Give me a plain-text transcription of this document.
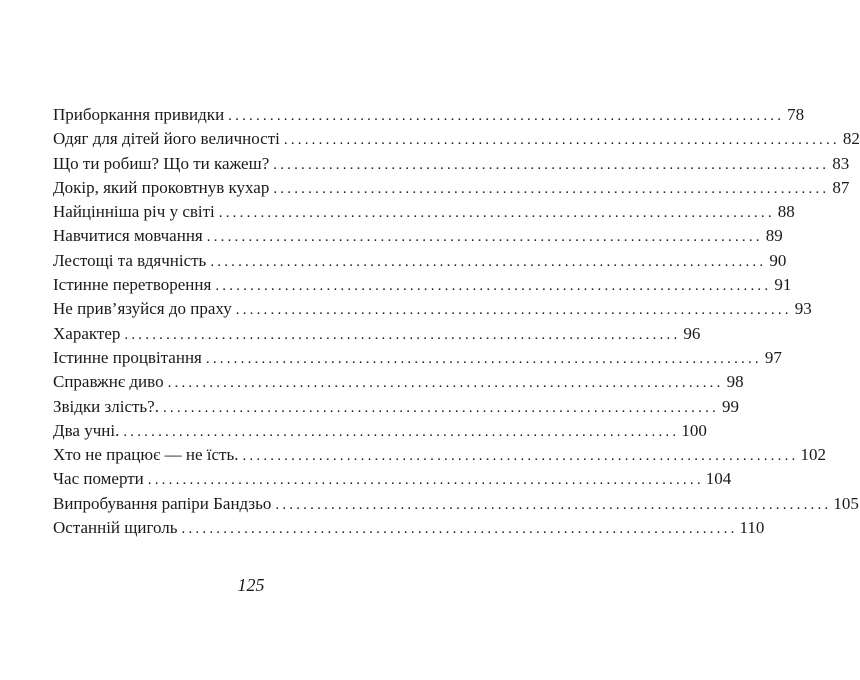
Приборкання привидки ................................................................................ 78
Одяг для дітей його величності ................................................................................ 82
Що ти робиш? Що ти кажеш? ................................................................................ 83
Докір, який проковтнув кухар ................................................................................ 87
Найцінніша річ у світі ................................................................................ 88
Навчитися мовчання ................................................................................ 89
Лестощі та вдячність ................................................................................ 90
Істинне перетворення ................................................................................ 91
Не прив’язуйся до праху ................................................................................ 93
Характер ................................................................................ 96
Істинне процвітання ................................................................................ 97
Справжнє диво ................................................................................ 98
Звідки злість?. ................................................................................ 99
Два учні. ................................................................................ 100
Хто не працює — не їсть. ................................................................................ 102
Час померти ................................................................................ 104
Випробування рапіри Бандзьо ................................................................................ 105
Останній щиголь ................................................................................ 110
125
